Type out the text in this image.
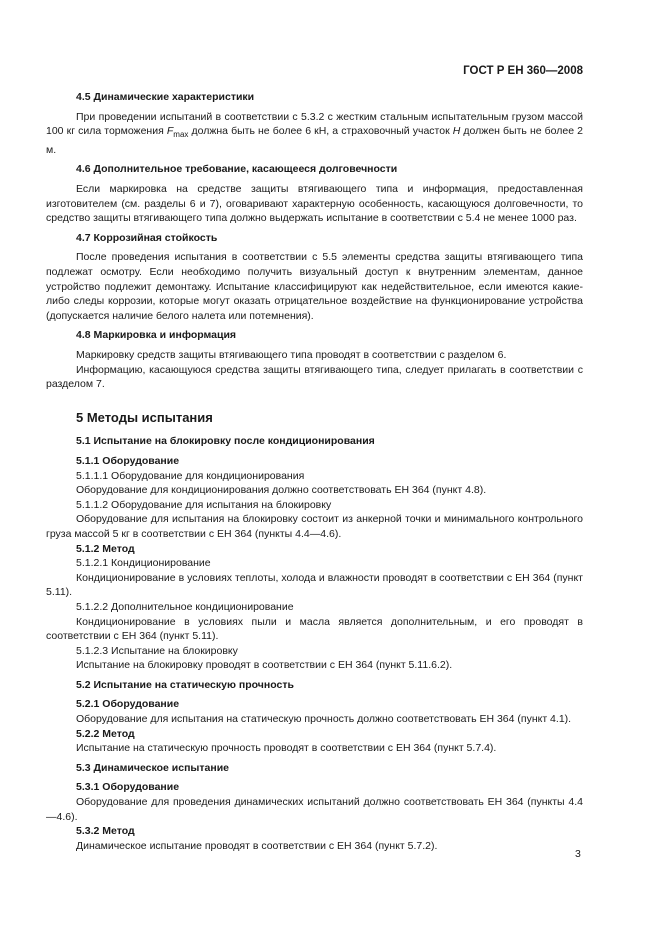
ГОСТ Р ЕН 360—2008

4.5 Динамические характеристики

При проведении испытаний в соответствии с 5.3.2 с жестким стальным испытательным грузом массой 100 кг сила торможения $F_{max}$ должна быть не более 6 кН, а страховочный участок H должен быть не более 2 м.

4.6 Дополнительное требование, касающееся долговечности

Если маркировка на средстве защиты втягивающего типа и информация, предоставленная изготовителем (см. разделы 6 и 7), оговаривают характерную особенность, касающуюся долговечности, то средство защиты втягивающего типа должно выдержать испытание в соответствии с 5.4 не менее 1000 раз.

4.7 Коррозийная стойкость

После проведения испытания в соответствии с 5.5 элементы средства защиты втягивающего типа подлежат осмотру. Если необходимо получить визуальный доступ к внутренним элементам, данное устройство подлежит демонтажу. Испытание классифицируют как недействительное, если имеются какие-либо следы коррозии, которые могут оказать отрицательное воздействие на функционирование устройства (допускается наличие белого налета или потемнения).

4.8 Маркировка и информация

Маркировку средств защиты втягивающего типа проводят в соответствии с разделом 6.

Информацию, касающуюся средства защиты втягивающего типа, следует прилагать в соответствии с разделом 7.

5 Методы испытания

5.1 Испытание на блокировку после кондиционирования

5.1.1 Оборудование

5.1.1.1 Оборудование для кондиционирования

Оборудование для кондиционирования должно соответствовать ЕН 364 (пункт 4.8).

5.1.1.2 Оборудование для испытания на блокировку

Оборудование для испытания на блокировку состоит из анкерной точки и минимального контрольного груза массой 5 кг в соответствии с ЕН 364 (пункты 4.4—4.6).

5.1.2 Метод

5.1.2.1 Кондиционирование

Кондиционирование в условиях теплоты, холода и влажности проводят в соответствии с ЕН 364 (пункт 5.11).

5.1.2.2 Дополнительное кондиционирование

Кондиционирование в условиях пыли и масла является дополнительным, и его проводят в соответствии с ЕН 364 (пункт 5.11).

5.1.2.3 Испытание на блокировку

Испытание на блокировку проводят в соответствии с ЕН 364 (пункт 5.11.6.2).

5.2 Испытание на статическую прочность

5.2.1 Оборудование

Оборудование для испытания на статическую прочность должно соответствовать ЕН 364 (пункт 4.1).

5.2.2 Метод

Испытание на статическую прочность проводят в соответствии с ЕН 364 (пункт 5.7.4).

5.3 Динамическое испытание

5.3.1 Оборудование

Оборудование для проведения динамических испытаний должно соответствовать ЕН 364 (пункты 4.4—4.6).

5.3.2 Метод

Динамическое испытание проводят в соответствии с ЕН 364 (пункт 5.7.2).

3
